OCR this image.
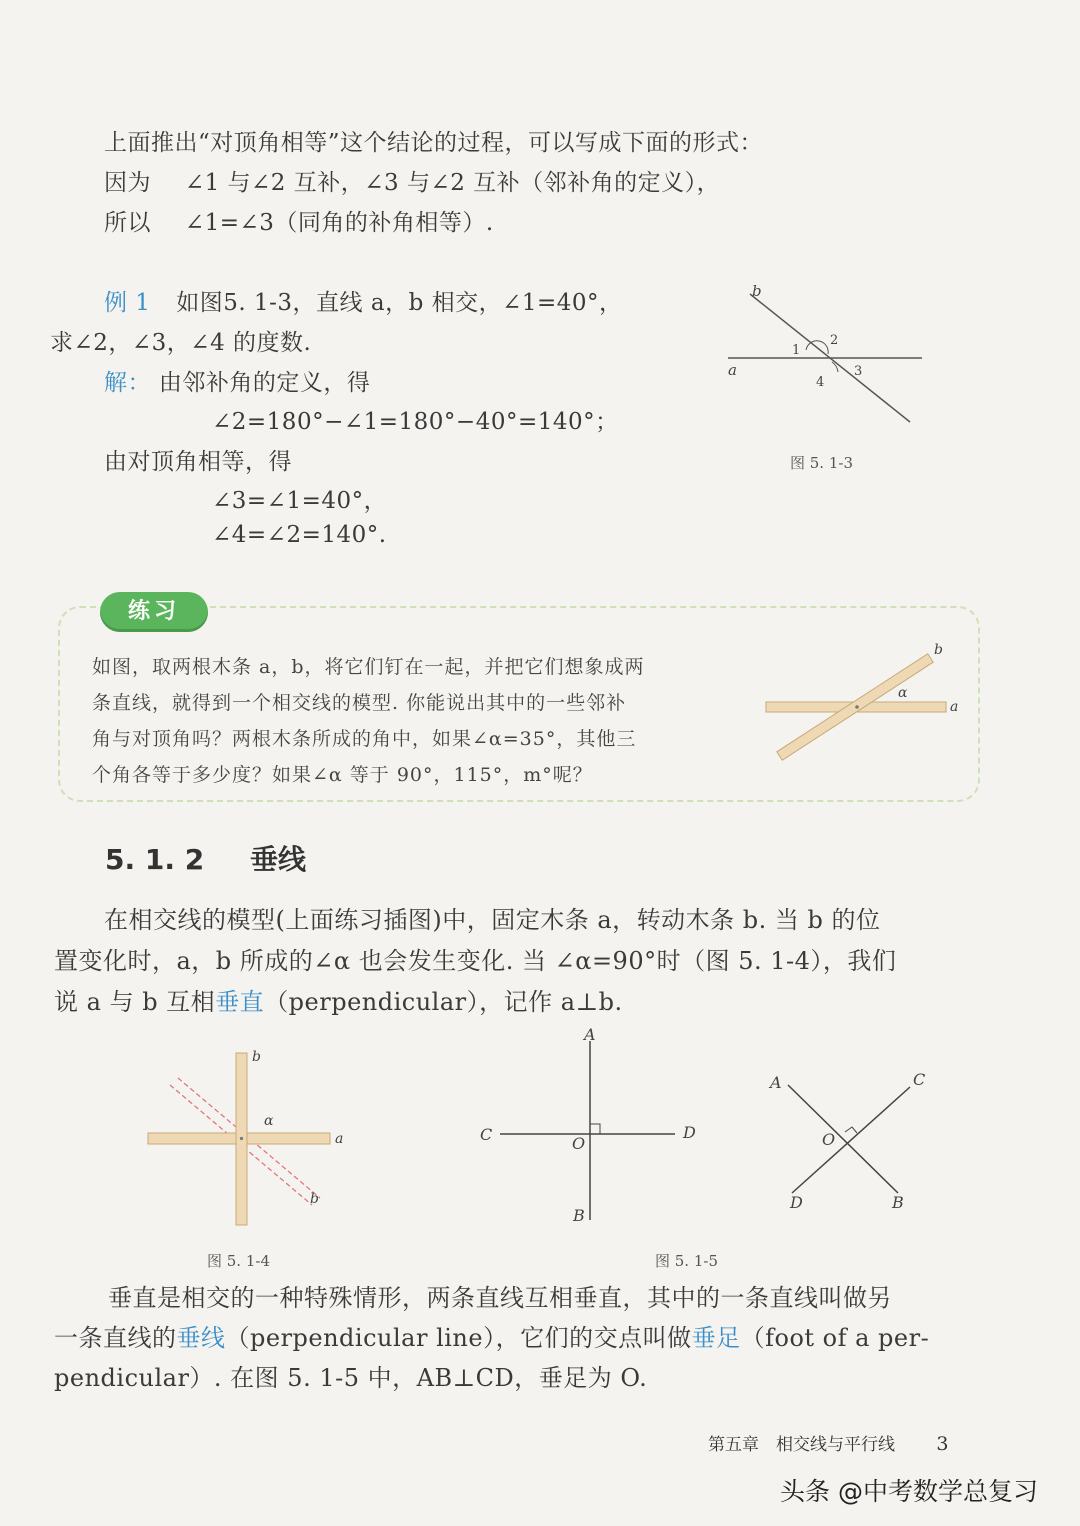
上面推出“对顶角相等”这个结论的过程，可以写成下面的形式：
因为 ∠1 与∠2 互补，∠3 与∠2 互补（邻补角的定义），
所以 ∠1=∠3（同角的补角相等）.
例 1 如图5. 1-3，直线 a，b 相交，∠1=40°，
求∠2，∠3，∠4 的度数.
解： 由邻补角的定义，得
∠2=180°−∠1=180°−40°=140°；
由对顶角相等，得
∠3=∠1=40°，
∠4=∠2=140°.
b
a
1
2
3
4
图 5. 1-3
练习
如图，取两根木条 a，b，将它们钉在一起，并把它们想象成两
条直线，就得到一个相交线的模型. 你能说出其中的一些邻补
角与对顶角吗？两根木条所成的角中，如果∠α=35°，其他三
个角各等于多少度？如果∠α 等于 90°，115°，m°呢？
b
a
α
5. 1. 2 垂线
在相交线的模型(上面练习插图)中，固定木条 a，转动木条 b. 当 b 的位
置变化时，a，b 所成的∠α 也会发生变化. 当 ∠α=90°时（图 5. 1-4），我们
说 a 与 b 互相垂直（perpendicular），记作 a⊥b.
b
a
α
b
图 5. 1-4
A
B
C	D
O
A	C
D	B
O
图 5. 1-5
垂直是相交的一种特殊情形，两条直线互相垂直，其中的一条直线叫做另
一条直线的垂线（perpendicular line），它们的交点叫做垂足（foot of a per-
pendicular）. 在图 5. 1-5 中，AB⊥CD，垂足为 O.
第五章　相交线与平行线 3
头条 @中考数学总复习
